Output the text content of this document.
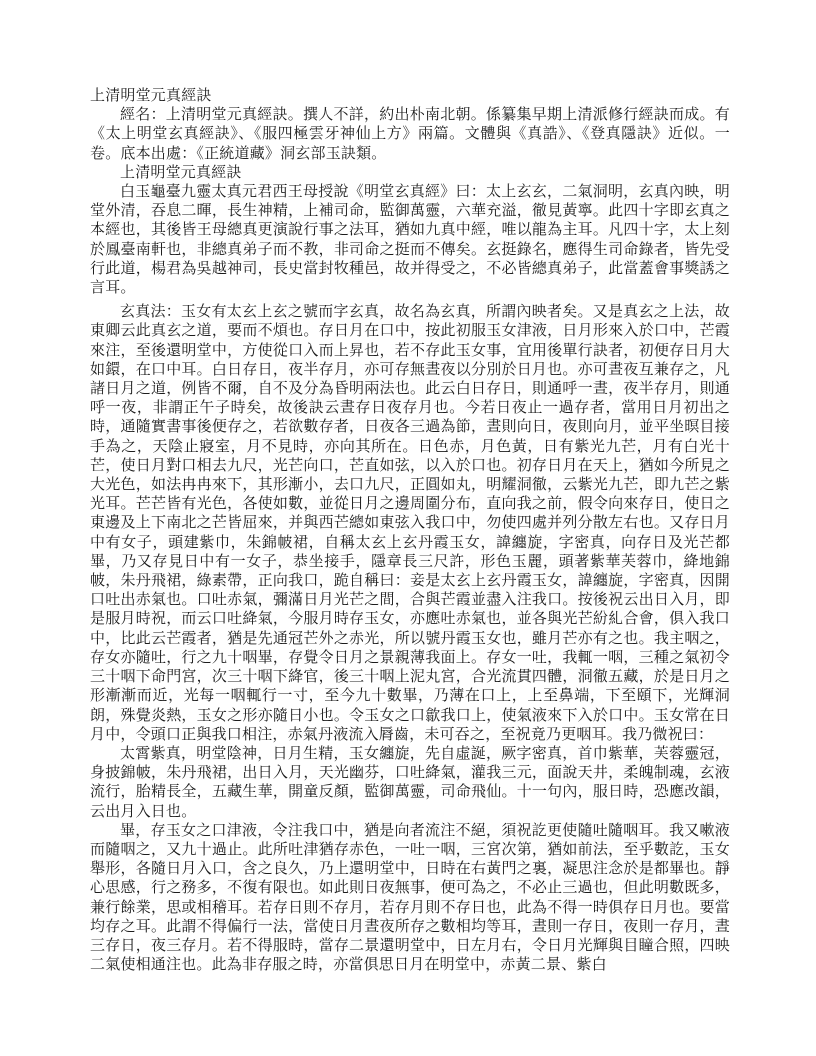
上清明堂元真經訣

經名：上清明堂元真經訣。撰人不詳，約出朴南北朝。係纂集早期上清派修行經訣而成。有《太上明堂玄真經訣》、《服四極雲牙神仙上方》兩篇。文體與《真誥》、《登真隱訣》近似。一卷。底本出處：《正統道藏》洞玄部玉訣類。

上清明堂元真經訣

白玉龜臺九靈太真元君西王母授說《明堂玄真經》曰：太上玄玄，二氣洞明，玄真內映，明堂外清，吞息二暉，長生神精，上補司命，監御萬靈，六華充溢，徹見黃寧。此四十字即玄真之本經也，其後皆王母總真更演說行事之法耳，猶如九真中經，唯以龍為主耳。凡四十字，太上刻於鳳臺南軒也，非總真弟子而不教，非司命之挺而不傳矣。玄挺錄名，應得生司命錄者，皆先受行此道，楊君為吳越神司，長史當封牧種邑，故并得受之，不必皆總真弟子，此當蓋會事獎誘之言耳。

玄真法：玉女有太玄上玄之號而字玄真，故名為玄真，所謂內映者矣。又是真玄之上法，故東卿云此真玄之道，要而不煩也。存日月在口中，按此初服玉女津液，日月形來入於口中，芒霞來注，至後還明堂中，方使從口入而上昇也，若不存此玉女事，宜用後單行訣者，初便存日月大如鐶，在口中耳。白日存日，夜半存月，亦可存無晝夜以分別於日月也。亦可晝夜互兼存之，凡諸日月之道，例皆不爾，自不及分為昏明兩法也。此云白日存日，則通呼一晝，夜半存月，則通呼一夜，非謂正午子時矣，故後訣云晝存日夜存月也。今若日夜止一過存者，當用日月初出之時，通隨實書事後便存之，若欲數存者，日夜各三過為節，晝則向日，夜則向月，並平坐暝目接手為之，天陰止寢室，月不見時，亦向其所在。日色赤，月色黃，日有紫光九芒，月有白光十芒，使日月對口相去九尺，光芒向口，芒直如弦，以入於口也。初存日月在天上，猶如今所見之大光色，如法冉冉來下，其形漸小，去口九尺，正圓如丸，明耀洞徹，云紫光九芒，即九芒之紫光耳。芒芒皆有光色，各使如數，並從日月之邊周圍分布，直向我之前，假令向來存日，使日之東邊及上下南北之芒皆屈來，并與西芒總如東弦入我口中，勿使四處并列分散左右也。又存日月中有女子，頭建紫巾，朱錦帔裙，自稱太玄上玄丹霞玉女，諱纏旋，字密真，向存日及光芒都畢，乃又存見日中有一女子，恭坐接手，隱章長三尺許，形色玉麗，頭著紫華芙蓉巾，絳地錦帔，朱丹飛裙，綠素帶，正向我口，跪自稱曰：妾是太玄上玄丹霞玉女，諱纏旋，字密真，因開口吐出赤氣也。口吐赤氣，彌滿日月光芒之間，合與芒霞並盡入注我口。按後祝云出日入月，即是服月時祝，而云口吐絳氣，今服月時存玉女，亦應吐赤氣也，並各與光芒紛糺合會，俱入我口中，比此云芒霞者，猶是先通冠芒外之赤光，所以號丹霞玉女也，雖月芒亦有之也。我主咽之，存女亦隨吐，行之九十咽畢，存覺令日月之景親薄我面上。存女一吐，我輒一咽，三種之氣初令三十咽下命門宮，次三十咽下絳官，後三十咽上泥丸宮，合光流貫四體，洞徹五藏，於是日月之形漸漸而近，光每一咽輒行一寸，至今九十數畢，乃薄在口上，上至鼻端，下至頤下，光輝洞朗，殊覺炎熱，玉女之形亦隨日小也。令玉女之口歙我口上，使氣液來下入於口中。玉女常在日月中，令頭口正與我口相注，赤氣丹液流入脣齒，未可吞之，至祝竟乃更咽耳。我乃微祝曰：

太霄紫真，明堂陰神，日月生精，玉女纏旋，先自虛誕，厥字密真，首巾紫華，芙蓉靈冠，身披錦帔，朱丹飛裙，出日入月，天光幽芬，口吐絳氣，灌我三元，面說天井，柔魄制魂，玄液流行，胎精長全，五藏生華，開童反顏，監御萬靈，司命飛仙。十一句內，服日時，恐應改韻，云出月入日也。

畢，存玉女之口津液，令注我口中，猶是向者流注不絕，須祝訖更使隨吐隨咽耳。我又嗽液而隨咽之，又九十過止。此所吐津猶存赤色，一吐一咽，三宮次第，猶如前法，至乎數訖，玉女舉形，各隨日月入口，含之良久，乃上還明堂中，日時在右黃門之裏，凝思注念於是都畢也。靜心思感，行之務多，不復有限也。如此則日夜無事，便可為之，不必止三過也，但此明數既多，兼行餘業，思或相稽耳。若存日則不存月，若存月則不存日也，此為不得一時俱存日月也。要當均存之耳。此謂不得偏行一法，當使日月晝夜所存之數相均等耳，晝則一存日，夜則一存月，晝三存日，夜三存月。若不得服時，當存二景還明堂中，日左月右，令日月光輝與目瞳合照，四映二氣使相通注也。此為非存服之時，亦當俱思日月在明堂中，赤黃二景、紫白
